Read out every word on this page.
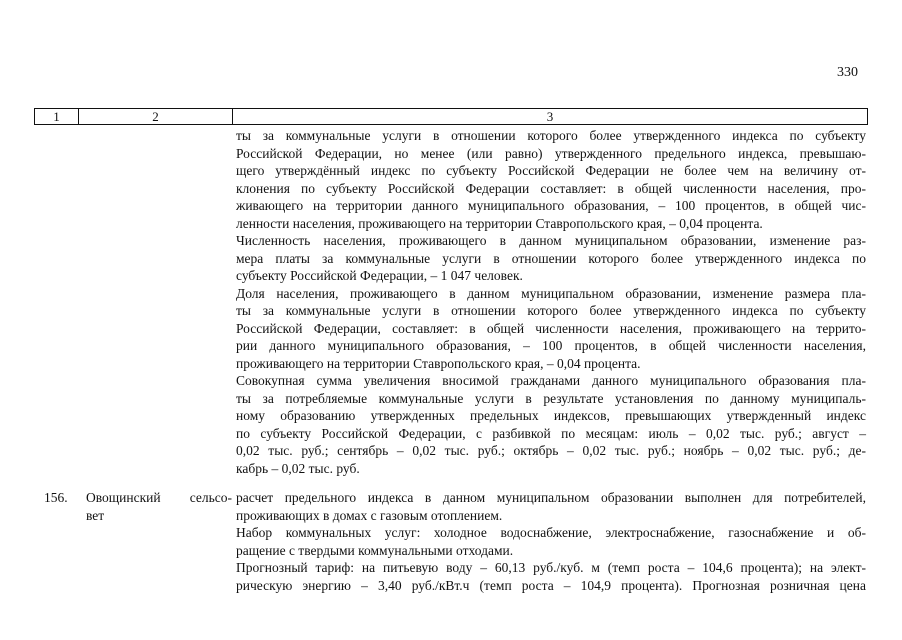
330
1	2	3
ты за коммунальные услуги в отношении которого более утвержденного индекса по субъекту
Российской Федерации, но менее (или равно) утвержденного предельного индекса, превышаю-
щего утверждённый индекс по субъекту Российской Федерации не более чем на величину от-
клонения по субъекту Российской Федерации составляет: в общей численности населения, про-
живающего на территории данного муниципального образования, – 100 процентов, в общей чис-
ленности населения, проживающего на территории Ставропольского края, – 0,04 процента.
Численность населения, проживающего в данном муниципальном образовании, изменение раз-
мера платы за коммунальные услуги в отношении которого более утвержденного индекса по
субъекту Российской Федерации, – 1 047 человек.
Доля населения, проживающего в данном муниципальном образовании, изменение размера пла-
ты за коммунальные услуги в отношении которого более утвержденного индекса по субъекту
Российской Федерации, составляет: в общей численности населения, проживающего на террито-
рии данного муниципального образования, – 100 процентов, в общей численности населения,
проживающего на территории Ставропольского края, – 0,04 процента.
Совокупная сумма увеличения вносимой гражданами данного муниципального образования пла-
ты за потребляемые коммунальные услуги в результате установления по данному муниципаль-
ному образованию утвержденных предельных индексов, превышающих утвержденный индекс
по субъекту Российской Федерации, с разбивкой по месяцам: июль – 0,02 тыс. руб.; август –
0,02 тыс. руб.; сентябрь – 0,02 тыс. руб.; октябрь – 0,02 тыс. руб.; ноябрь – 0,02 тыс. руб.; де-
кабрь – 0,02 тыс. руб.
156. Овощинский сельсо-
вет
расчет предельного индекса в данном муниципальном образовании выполнен для потребителей,
проживающих в домах с газовым отоплением.
Набор коммунальных услуг: холодное водоснабжение, электроснабжение, газоснабжение и об-
ращение с твердыми коммунальными отходами.
Прогнозный тариф: на питьевую воду – 60,13 руб./куб. м (темп роста – 104,6 процента); на элект-
рическую энергию – 3,40 руб./кВт.ч (темп роста – 104,9 процента). Прогнозная розничная цена
